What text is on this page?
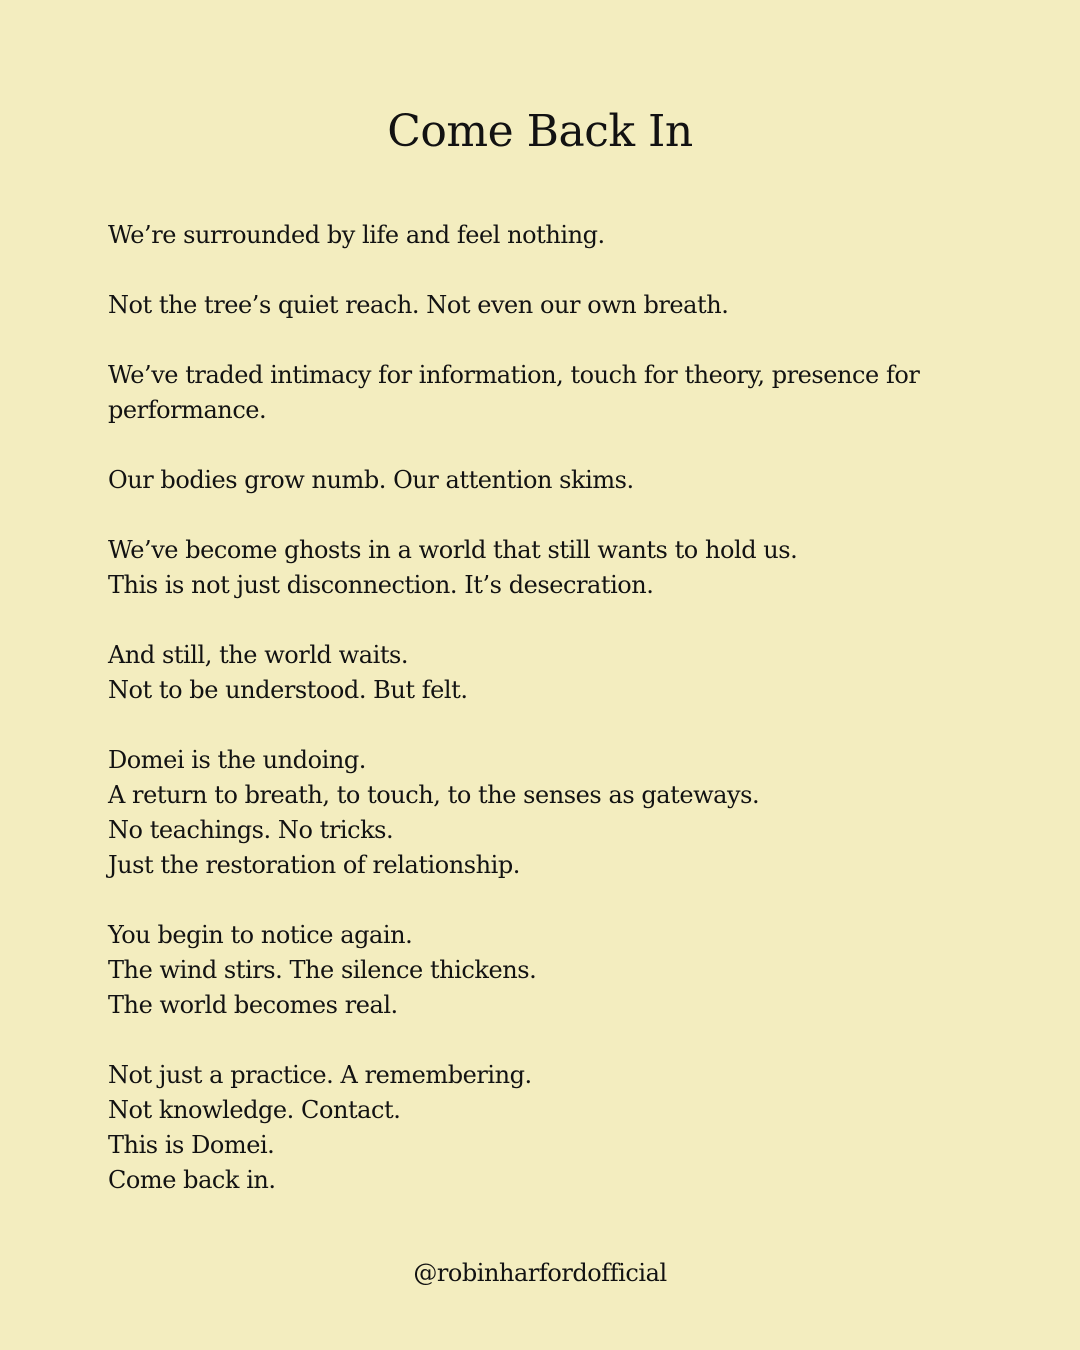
Come Back In
We’re surrounded by life and feel nothing.
Not the tree’s quiet reach. Not even our own breath.
We’ve traded intimacy for information, touch for theory, presence for performance.
Our bodies grow numb. Our attention skims.
We’ve become ghosts in a world that still wants to hold us.
This is not just disconnection. It’s desecration.
And still, the world waits.
Not to be understood. But felt.
Domei is the undoing.
A return to breath, to touch, to the senses as gateways.
No teachings. No tricks.
Just the restoration of relationship.
You begin to notice again.
The wind stirs. The silence thickens.
The world becomes real.
Not just a practice. A remembering.
Not knowledge. Contact.
This is Domei.
Come back in.
@robinharfordofficial
